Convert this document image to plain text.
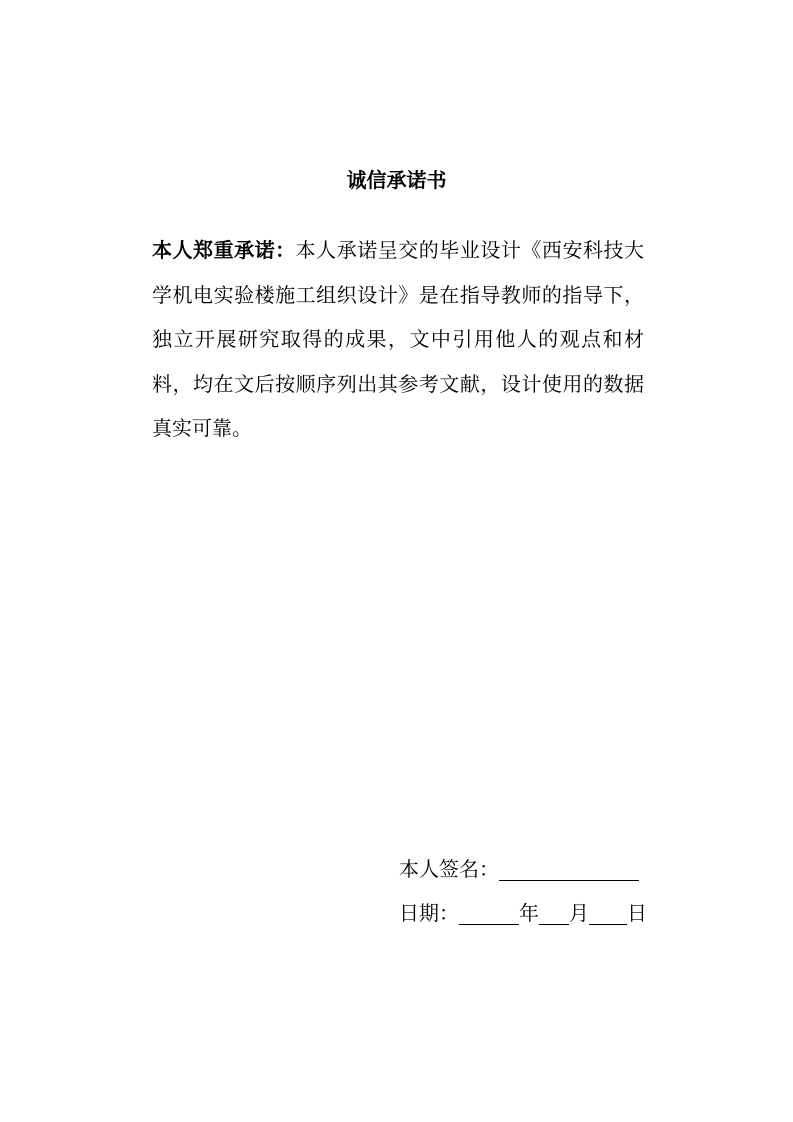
诚信承诺书
本人郑重承诺：本人承诺呈交的毕业设计《西安科技大学机电实验楼施工组织设计》是在指导教师的指导下，独立开展研究取得的成果，文中引用他人的观点和材料，均在文后按顺序列出其参考文献，设计使用的数据真实可靠。
本人签名：
日期：	年 月 日
